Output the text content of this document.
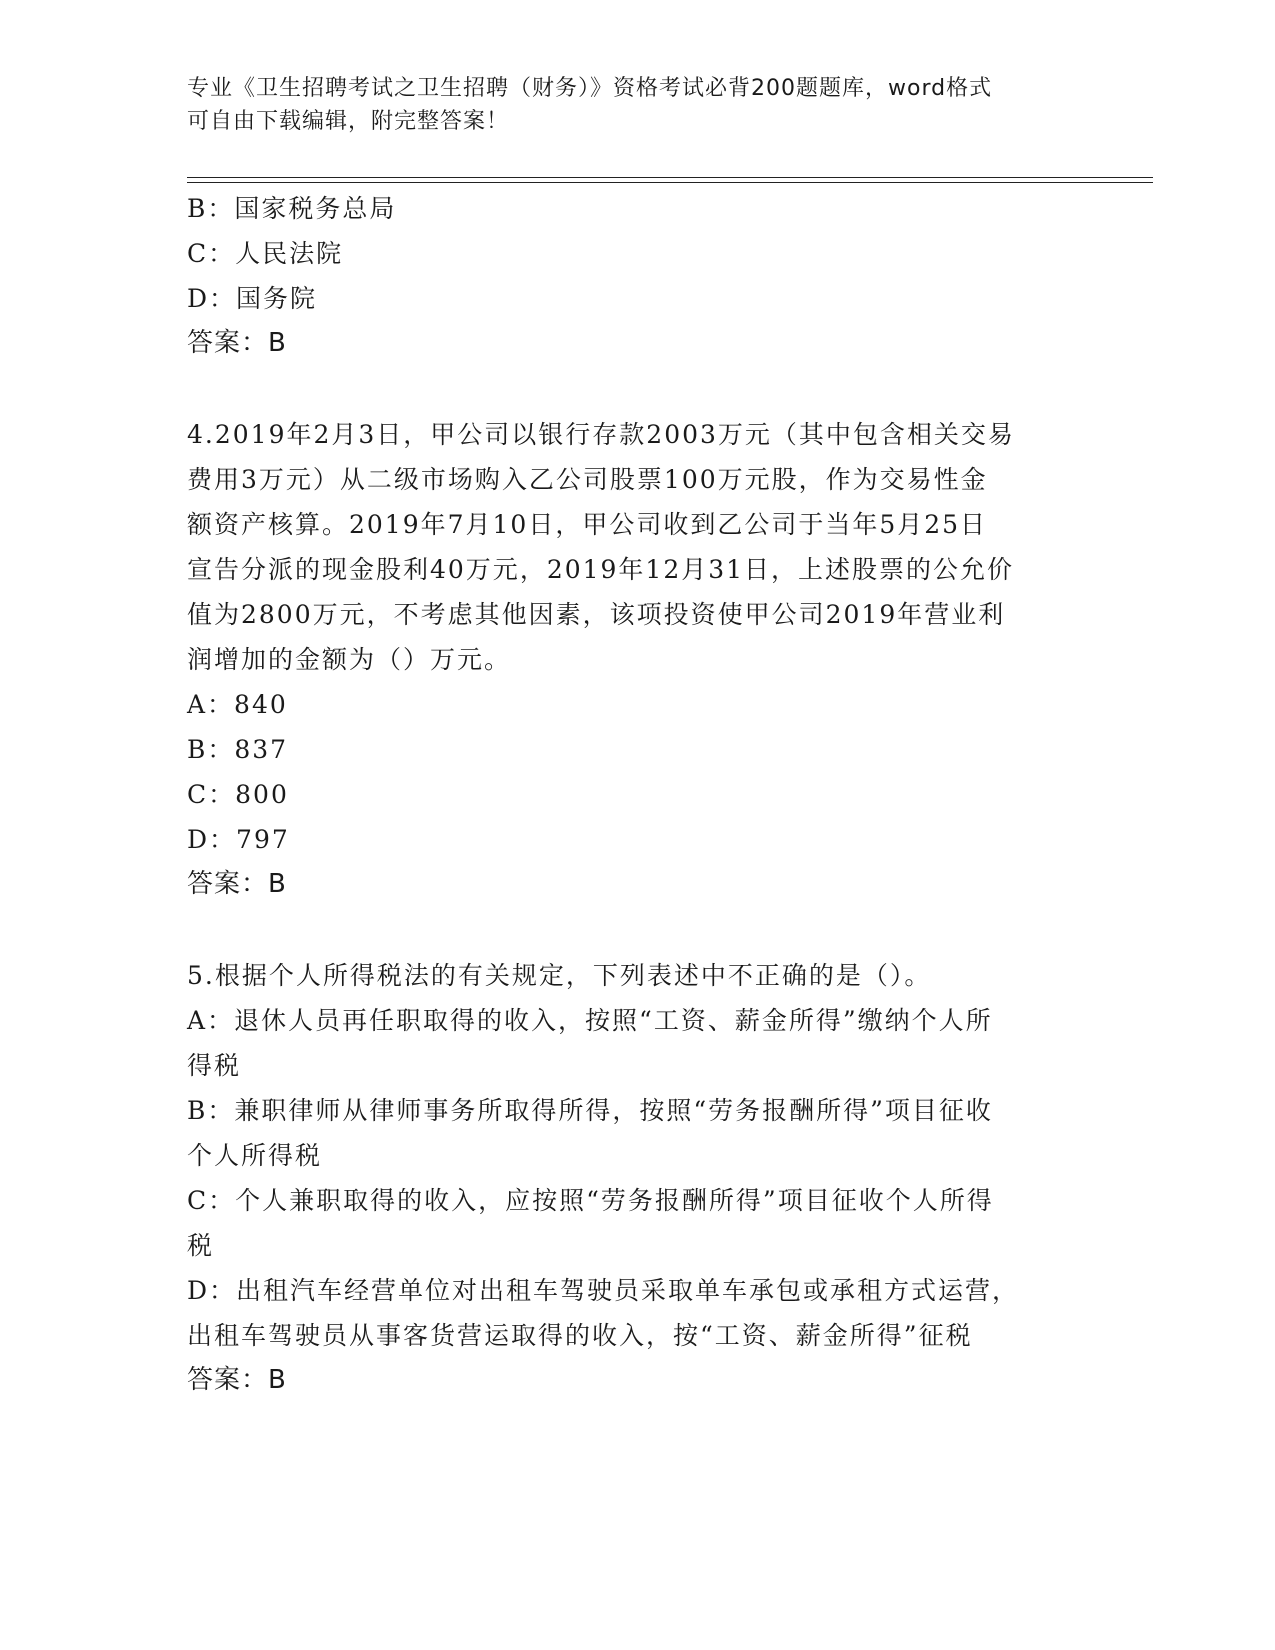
专业《卫生招聘考试之卫生招聘（财务）》资格考试必背200题题库，word格式
可自由下载编辑，附完整答案！
B：国家税务总局
C：人民法院
D：国务院
答案：B
4.2019年2月3日，甲公司以银行存款2003万元（其中包含相关交易
费用3万元）从二级市场购入乙公司股票100万元股，作为交易性金
额资产核算。2019年7月10日，甲公司收到乙公司于当年5月25日
宣告分派的现金股利40万元，2019年12月31日，上述股票的公允价
值为2800万元，不考虑其他因素，该项投资使甲公司2019年营业利
润增加的金额为（）万元。
A：840
B：837
C：800
D：797
答案：B
5.根据个人所得税法的有关规定，下列表述中不正确的是（）。
A：退休人员再任职取得的收入，按照“工资、薪金所得”缴纳个人所
得税
B：兼职律师从律师事务所取得所得，按照“劳务报酬所得”项目征收
个人所得税
C：个人兼职取得的收入，应按照“劳务报酬所得”项目征收个人所得
税
D：出租汽车经营单位对出租车驾驶员采取单车承包或承租方式运营，
出租车驾驶员从事客货营运取得的收入，按“工资、薪金所得”征税
答案：B
